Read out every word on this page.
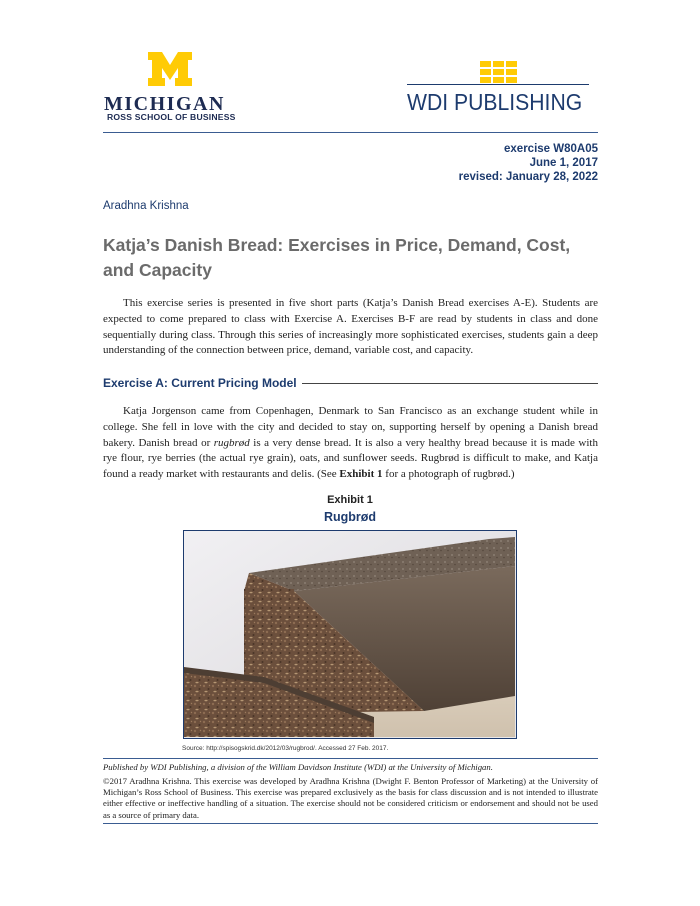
MICHIGAN
ROSS SCHOOL OF BUSINESS
WDI PUBLISHING
exercise W80A05
June 1, 2017
revised: January 28, 2022
Aradhna Krishna
Katja’s Danish Bread: Exercises in Price, Demand, Cost, and Capacity

This exercise series is presented in five short parts (Katja’s Danish Bread exercises A-E). Students are expected to come prepared to class with Exercise A. Exercises B-F are read by students in class and done sequentially during class. Through this series of increasingly more sophisticated exercises, students gain a deep understanding of the connection between price, demand, variable cost, and capacity.

Exercise A: Current Pricing Model

Katja Jorgenson came from Copenhagen, Denmark to San Francisco as an exchange student while in college. She fell in love with the city and decided to stay on, supporting herself by opening a Danish bread bakery. Danish bread or rugbrød is a very dense bread. It is also a very healthy bread because it is made with rye flour, rye berries (the actual rye grain), oats, and sunflower seeds. Rugbrød is difficult to make, and Katja found a ready market with restaurants and delis. (See Exhibit 1 for a photograph of rugbrød.)

Exhibit 1
Rugbrød
Source: http://spisogskrid.dk/2012/03/rugbrod/. Accessed 27 Feb. 2017.
Published by WDI Publishing, a division of the William Davidson Institute (WDI) at the University of Michigan.
©2017 Aradhna Krishna. This exercise was developed by Aradhna Krishna (Dwight F. Benton Professor of Marketing) at the University of Michigan’s Ross School of Business. This exercise was prepared exclusively as the basis for class discussion and is not intended to illustrate either effective or ineffective handling of a situation. The exercise should not be considered criticism or endorsement and should not be used as a source of primary data.
